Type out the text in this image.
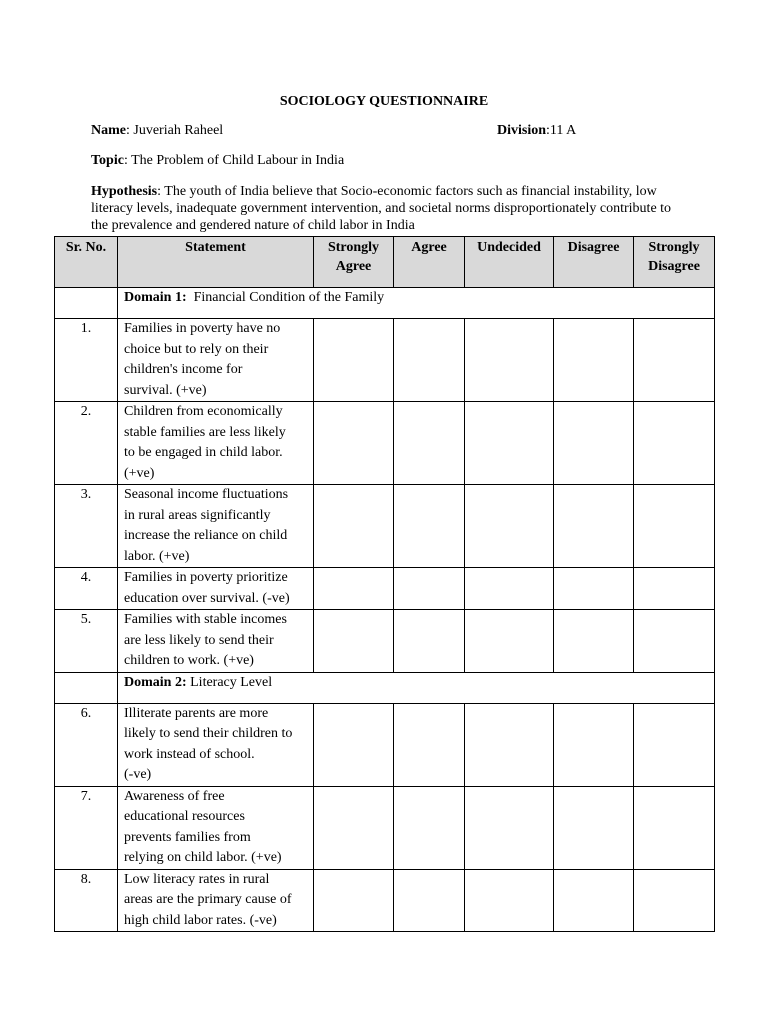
SOCIOLOGY QUESTIONNAIRE
Name: Juveriah Raheel	Division:11 A
Topic: The Problem of Child Labour in India
Hypothesis: The youth of India believe that Socio-economic factors such as financial instability, low literacy levels, inadequate government intervention, and societal norms disproportionately contribute to the prevalence and gendered nature of child labor in India
Sr. No.	Statement	Strongly Agree	Agree	Undecided	Disagree	Strongly Disagree
	Domain 1:  Financial Condition of the Family					
1.	Families in poverty have no
choice but to rely on their
children's income for
survival. (+ve)					

2.	Children from economically
stable families are less likely
to be engaged in child labor.
(+ve)					

3.	Seasonal income fluctuations
in rural areas significantly
increase the reliance on child
labor. (+ve)					

4.	Families in poverty prioritize
education over survival. (-ve)					

5.	Families with stable incomes
are less likely to send their
children to work. (+ve)					

	Domain 2: Literacy Level					
6.	Illiterate parents are more
likely to send their children to
work instead of school.
(-ve)					

7.	Awareness of free
educational resources
prevents families from
relying on child labor. (+ve)					

8.	Low literacy rates in rural
areas are the primary cause of
high child labor rates. (-ve)					
